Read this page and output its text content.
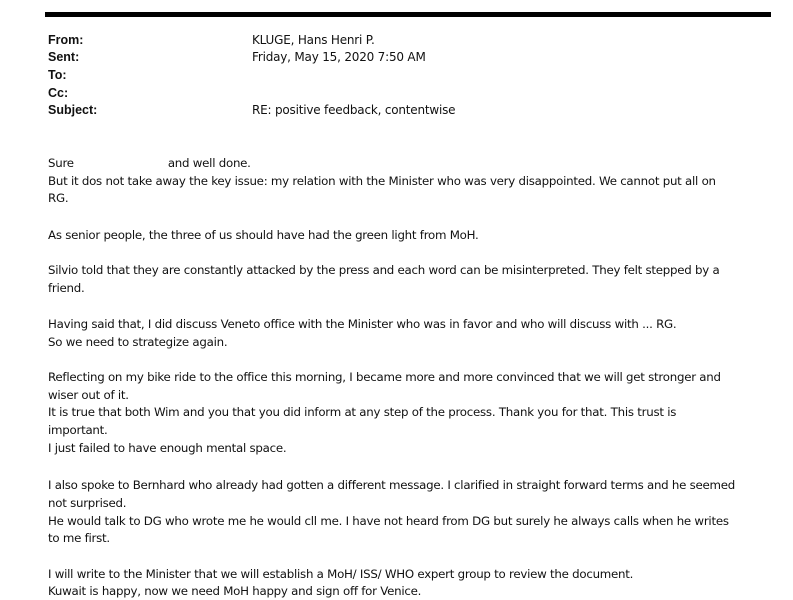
From:	KLUGE, Hans Henri P.
Sent:	Friday, May 15, 2020 7:50 AM
To:
Cc:
Subject:	RE: positive feedback, contentwise
Sure	and well done.
But it dos not take away the key issue: my relation with the Minister who was very disappointed. We cannot put all on
RG.
As senior people, the three of us should have had the green light from MoH.
Silvio told that they are constantly attacked by the press and each word can be misinterpreted. They felt stepped by a
friend.
Having said that, I did discuss Veneto office with the Minister who was in favor and who will discuss with ... RG.
So we need to strategize again.
Reflecting on my bike ride to the office this morning, I became more and more convinced that we will get stronger and
wiser out of it.
It is true that both Wim and you that you did inform at any step of the process. Thank you for that. This trust is
important.
I just failed to have enough mental space.
I also spoke to Bernhard who already had gotten a different message. I clarified in straight forward terms and he seemed
not surprised.
He would talk to DG who wrote me he would cll me. I have not heard from DG but surely he always calls when he writes
to me first.
I will write to the Minister that we will establish a MoH/ ISS/ WHO expert group to review the document.
Kuwait is happy, now we need MoH happy and sign off for Venice.
